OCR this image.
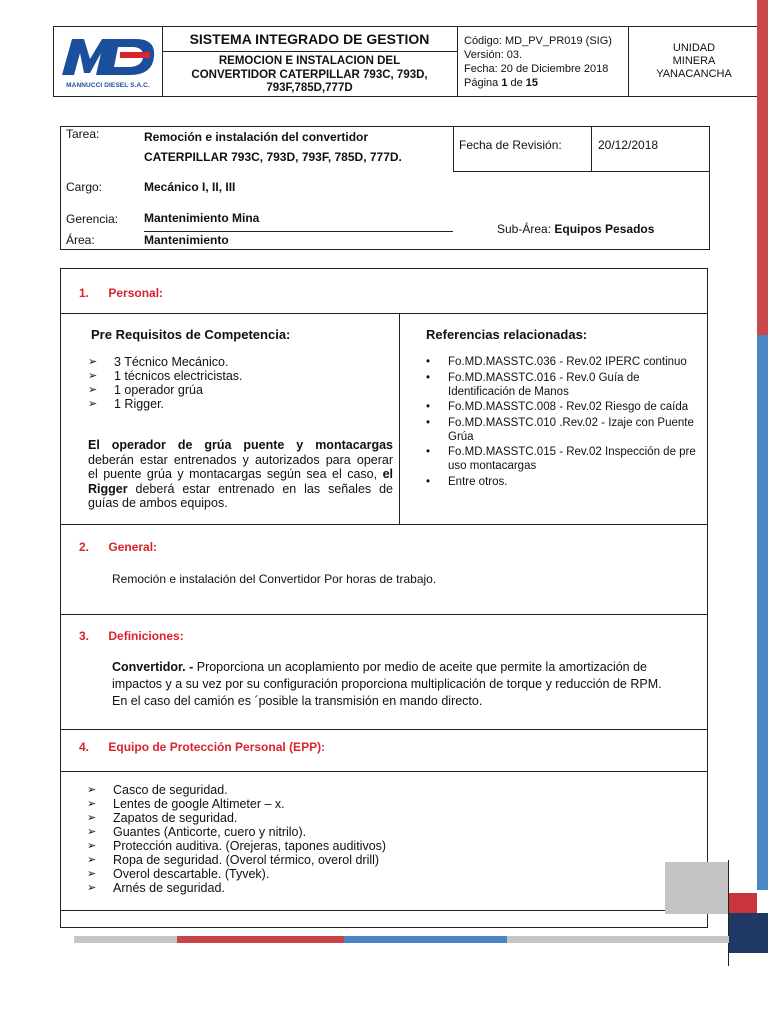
MANNUCCI DIESEL S.A.C.
SISTEMA INTEGRADO DE GESTION
REMOCION E INSTALACION DEL
CONVERTIDOR CATERPILLAR 793C, 793D,
793F,785D,777D
Código: MD_PV_PR019 (SIG)
Versión: 03.
Fecha: 20 de Diciembre 2018
Página 1 de 15
UNIDAD
MINERA
YANACANCHA
Tarea:	Remoción e instalación del convertidor
CATERPILLAR 793C, 793D, 793F, 785D, 777D.
Fecha de Revisión:	20/12/2018
Cargo:	Mecánico I, II, III
Gerencia: Mantenimiento Mina
Área:	Mantenimiento
Sub-Área: Equipos Pesados
1. Personal:
Pre Requisitos de Competencia:
➢ 3 Técnico Mecánico.
➢ 1 técnicos electricistas.
➢ 1 operador grúa
➢ 1 Rigger.
El operador de grúa puente y montacargas
deberán estar entrenados y autorizados para operar
el puente grúa y montacargas según sea el caso, el
Rigger deberá estar entrenado en las señales de
guías de ambos equipos.
Referencias relacionadas:
• Fo.MD.MASSTC.036 - Rev.02 IPERC continuo
• Fo.MD.MASSTC.016 - Rev.0 Guía de
Identificación de Manos
• Fo.MD.MASSTC.008 - Rev.02 Riesgo de caída
• Fo.MD.MASSTC.010 .Rev.02 - Izaje con Puente
Grúa
• Fo.MD.MASSTC.015 - Rev.02 Inspección de pre
uso montacargas
• Entre otros.
2. General:
Remoción e instalación del Convertidor Por horas de trabajo.
3. Definiciones:
Convertidor. - Proporciona un acoplamiento por medio de aceite que permite la amortización de
impactos y a su vez por su configuración proporciona multiplicación de torque y reducción de RPM.
En el caso del camión es ´posible la transmisión en mando directo.
4. Equipo de Protección Personal (EPP):
➢ Casco de seguridad.
➢ Lentes de google Altimeter – x.
➢ Zapatos de seguridad.
➢ Guantes (Anticorte, cuero y nitrilo).
➢ Protección auditiva. (Orejeras, tapones auditivos)
➢ Ropa de seguridad. (Overol térmico, overol drill)
➢ Overol descartable. (Tyvek).
➢ Arnés de seguridad.
